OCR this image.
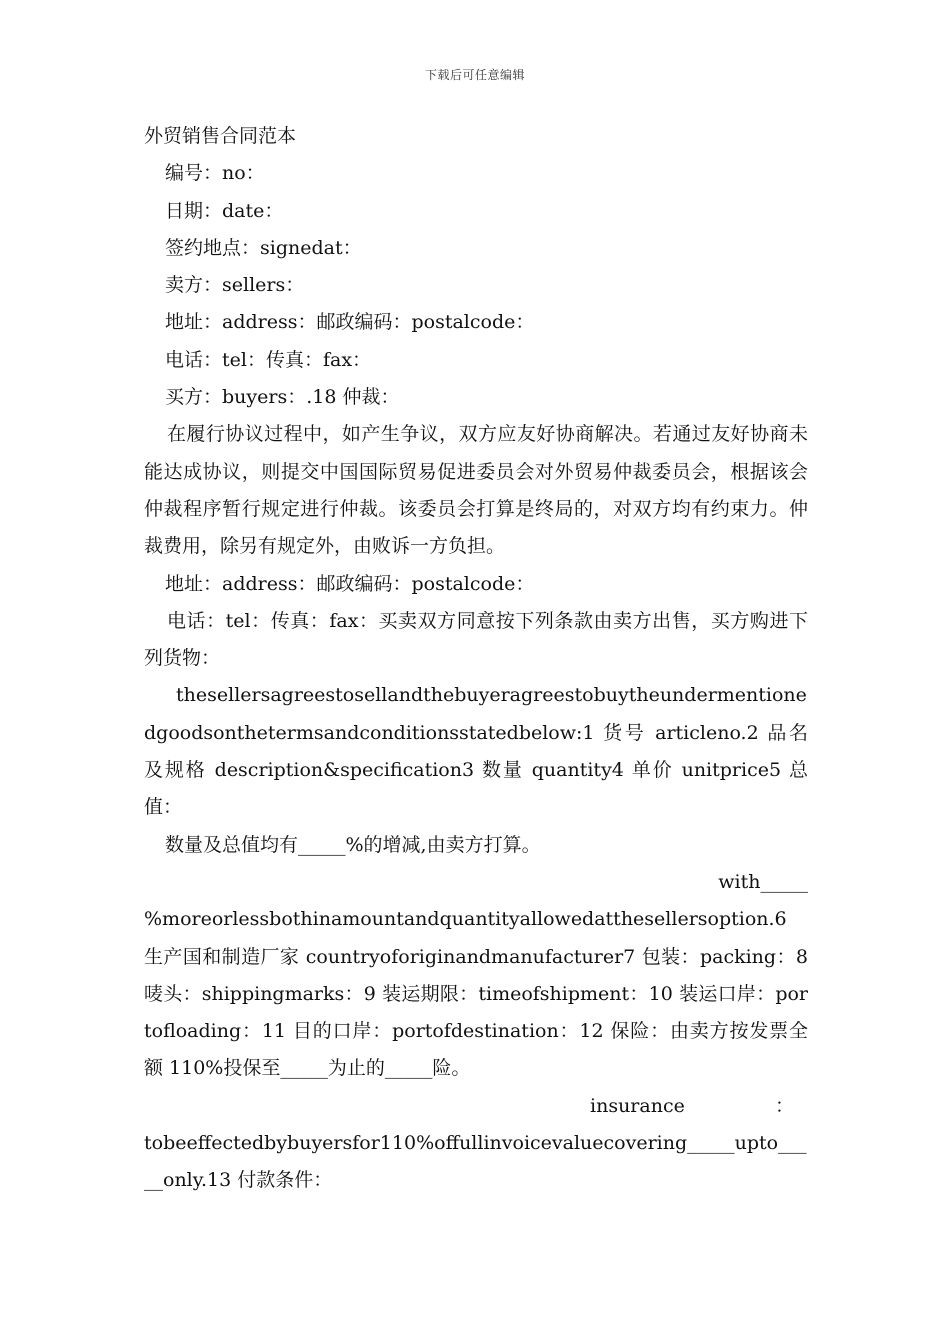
下载后可任意编辑

外贸销售合同范本

编号：no：

日期：date：

签约地点：signedat：

卖方：sellers：

地址：address：邮政编码：postalcode：

电话：tel：传真：fax：

买方：buyers：.18 仲裁：

在履行协议过程中，如产生争议，双方应友好协商解决。若通过友好协商未能达成协议，则提交中国国际贸易促进委员会对外贸易仲裁委员会，根据该会仲裁程序暂行规定进行仲裁。该委员会打算是终局的，对双方均有约束力。仲裁费用，除另有规定外，由败诉一方负担。

地址：address：邮政编码：postalcode：

电话：tel：传真：fax：买卖双方同意按下列条款由卖方出售，买方购进下列货物：

thesellersagreestosellandthebuyeragreestobuytheundermentionedgoodsonthetermsandconditionsstatedbelow:1 货号 articleno.2 品名及规格 description&specification3 数量 quantity4 单价 unitprice5 总值：

数量及总值均有_____%的增减,由卖方打算。

with_____

%moreorlessbothinamountandquantityallowedatthesellersoption.6 生产国和制造厂家 countryoforiginandmanufacturer7 包装：packing：8 唛头：shippingmarks：9 装运期限：timeofshipment：10 装运口岸：portofloading：11 目的口岸：portofdestination：12 保险：由卖方按发票全额 110%投保至_____为止的_____险。

insurance	：

tobeeffectedbybuyersfor110%offullinvoicevaluecovering_____upto_____only.13 付款条件：
